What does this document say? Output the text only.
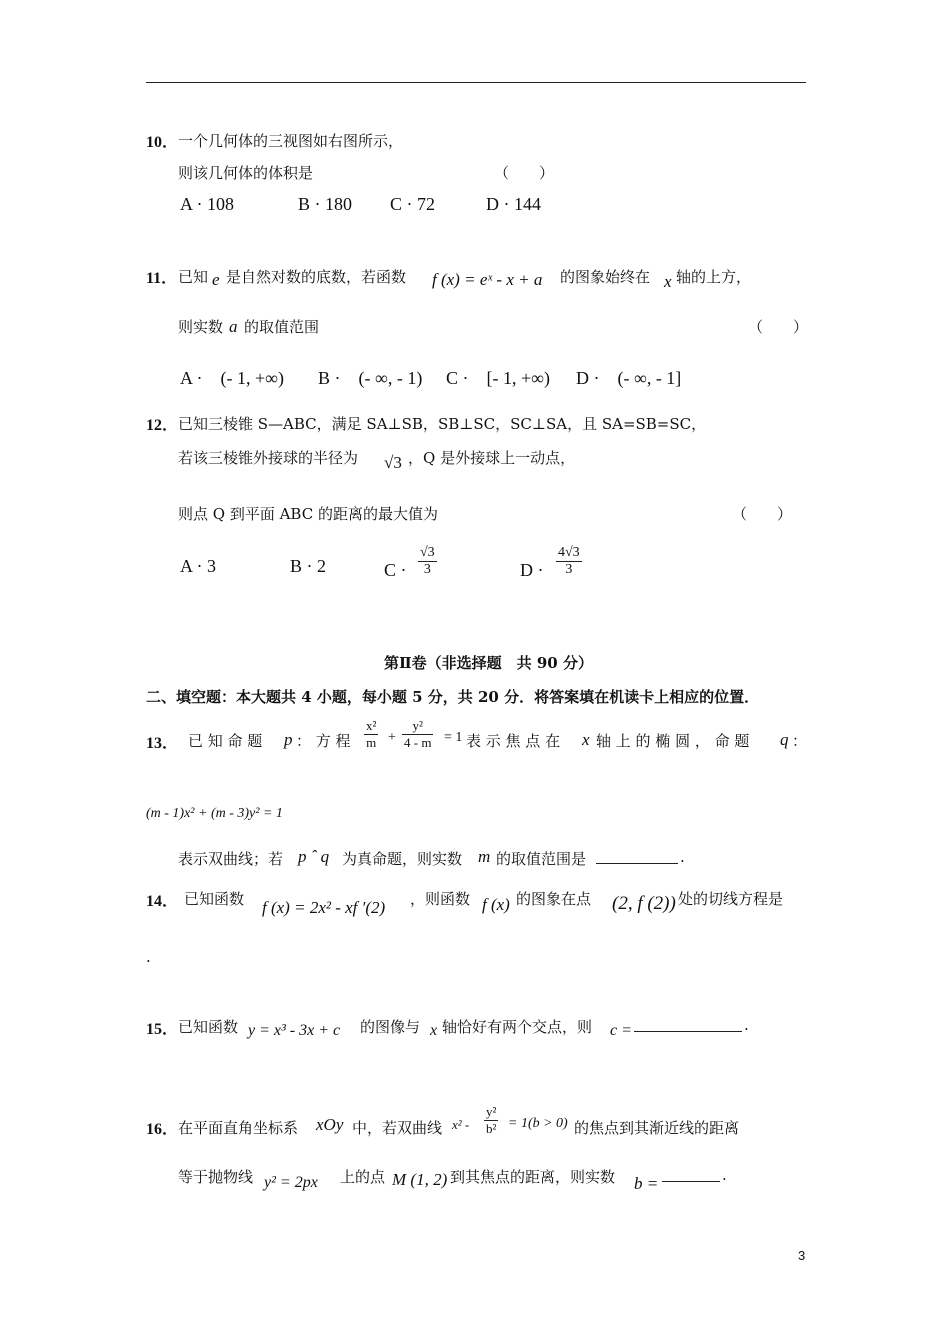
10． 一个几何体的三视图如右图所示，
则该几何体的体积是	（　　）
A · 108	B · 180 C · 72	D · 144
11． 已知 e 是自然对数的底数，若函数 f (x) = eˣ - x + a 的图象始终在 x 轴的上方，
则实数 a 的取值范围	（　　）
A ·　(- 1, +∞) B ·　(- ∞, - 1) C ·　[- 1, +∞) D ·　(- ∞, - 1]
12． 已知三棱锥 S—ABC，满足 SA⊥SB，SB⊥SC，SC⊥SA，且 SA=SB=SC，
若该三棱锥外接球的半径为 √3 ，Q 是外接球上一动点，
则点 Q 到平面 ABC 的距离的最大值为	（　　）
A · 3	B · 2	$C \cdot \frac{√3}{3}$	$D \cdot \frac{4√3}{3}$
第Ⅱ卷（非选择题　共 90 分）
二、填空题：本大题共 4 小题，每小题 5 分，共 20 分．将答案填在机读卡上相应的位置．
13． 已 知 命 题 p ： 方 程 $\frac{\text{x²}}{m} + \frac{\text{y²}}{4 - m} = 1$ 表 示 焦 点 在 x 轴 上 的 椭 圆 ， 命 题 q ：
(m - 1)x² + (m - 3)y² = 1
表示双曲线；若 p ˆ q 为真命题，则实数 m 的取值范围是	.
14． 已知函数 f (x) = 2x² - xf ′(2) ，则函数 f (x) 的图象在点 (2, f (2)) 处的切线方程是
.
15． 已知函数 y = x³ - 3x + c 的图像与 x 轴恰好有两个交点，则 c =	.
16． 在平面直角坐标系 xOy 中，若双曲线 $x^2 - \frac{\text{y²}}{\text{b²}} = 1(b > 0)$ 的焦点到其渐近线的距离
等于抛物线 y² = 2px 上的点 M (1, 2) 到其焦点的距离，则实数 b =	.
3
